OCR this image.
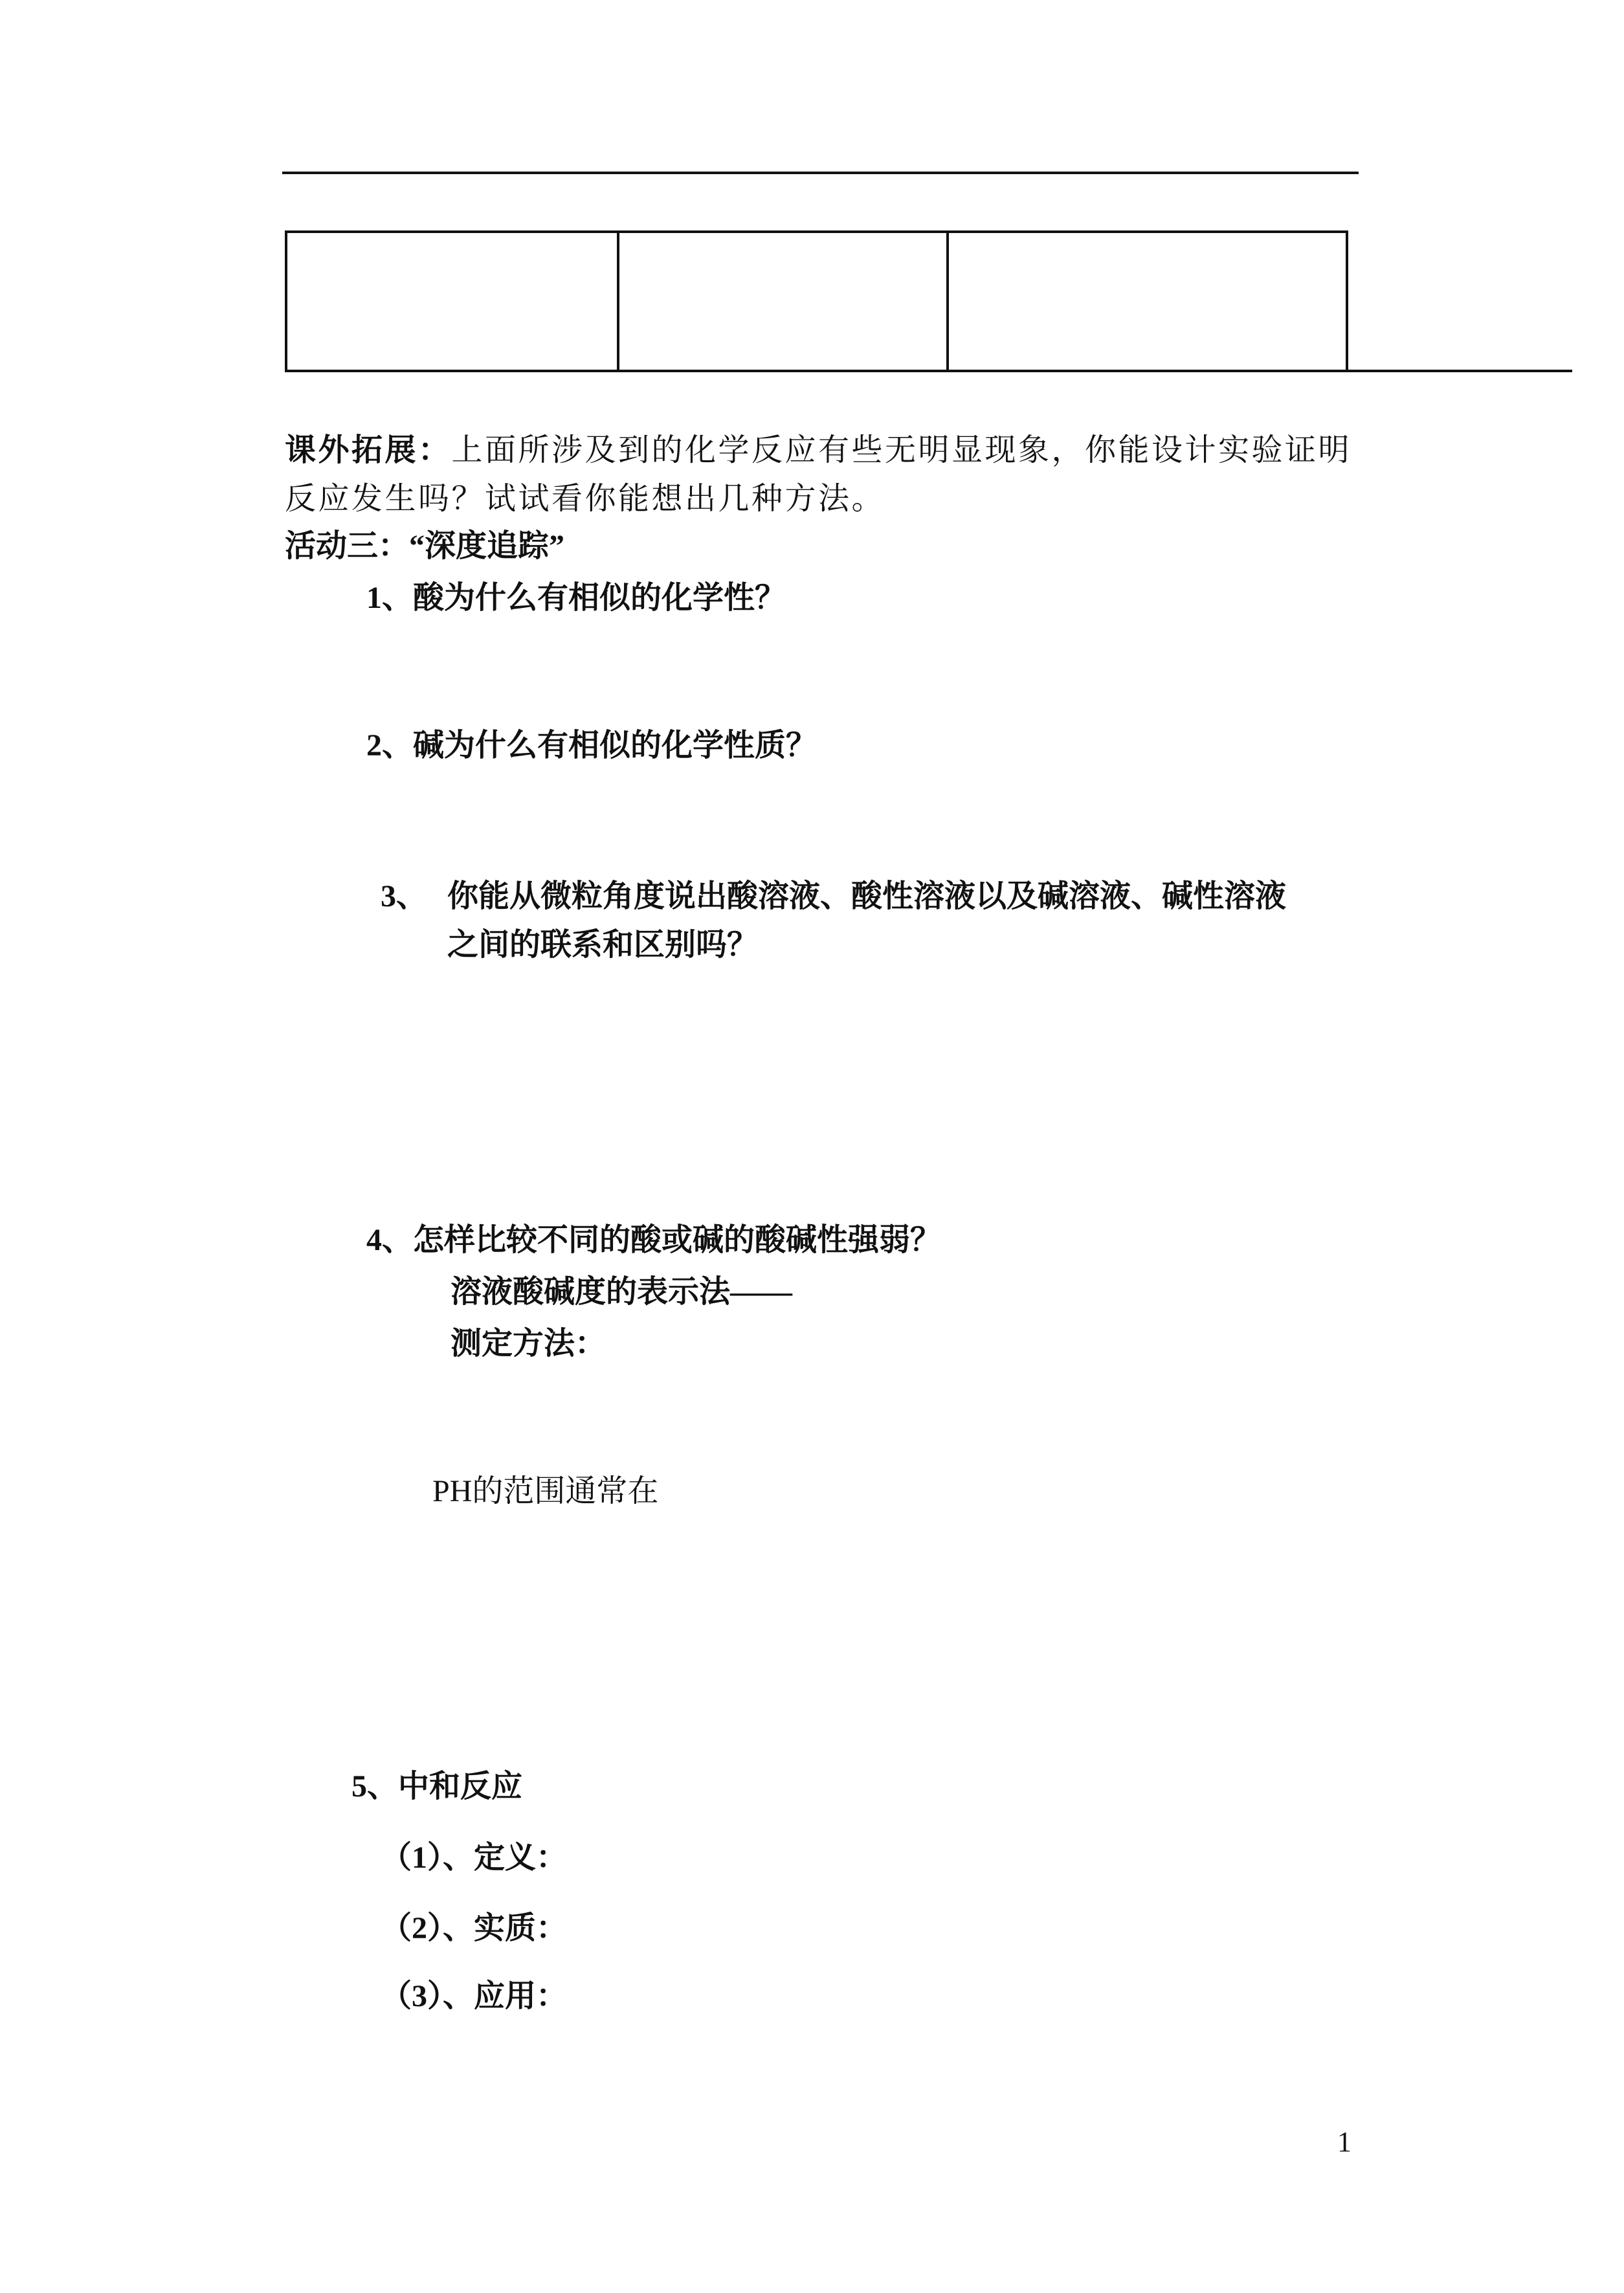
课外拓展：上面所涉及到的化学反应有些无明显现象，你能设计实验证明
反应发生吗？试试看你能想出几种方法。
活动三：“深度追踪”
1、酸为什么有相似的化学性？
2、碱为什么有相似的化学性质？
3、 你能从微粒角度说出酸溶液、酸性溶液以及碱溶液、碱性溶液
之间的联系和区别吗？
4、怎样比较不同的酸或碱的酸碱性强弱？
溶液酸碱度的表示法——
测定方法：
PH的范围通常在
5、中和反应
（1）、定义：
（2）、实质：
（3）、应用：
1
